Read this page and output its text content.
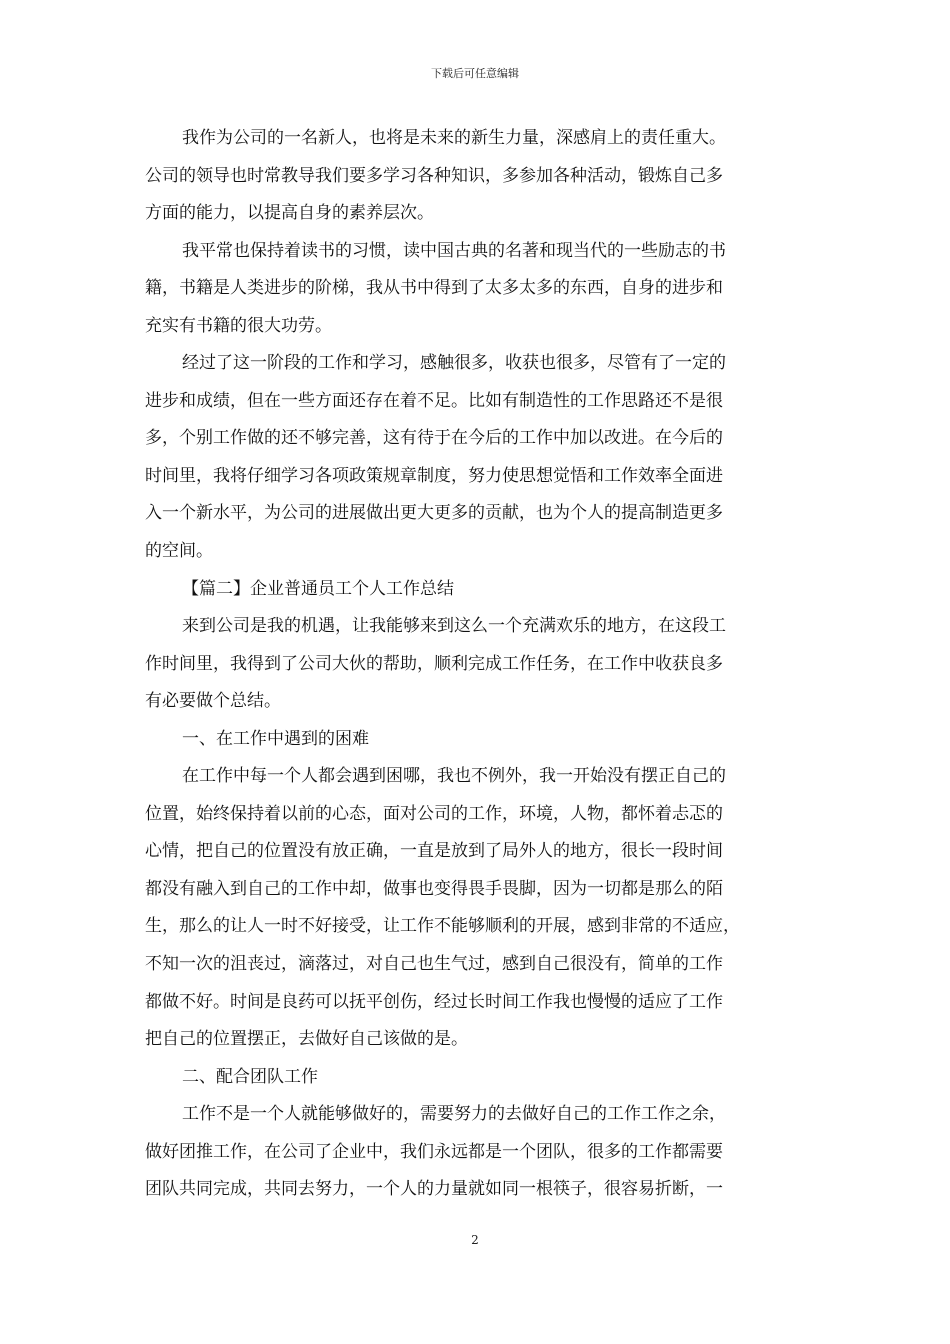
下载后可任意编辑
我作为公司的一名新人，也将是未来的新生力量，深感肩上的责任重大。
公司的领导也时常教导我们要多学习各种知识，多参加各种活动，锻炼自己多
方面的能力，以提高自身的素养层次。
我平常也保持着读书的习惯，读中国古典的名著和现当代的一些励志的书
籍，书籍是人类进步的阶梯，我从书中得到了太多太多的东西，自身的进步和
充实有书籍的很大功劳。
经过了这一阶段的工作和学习，感触很多，收获也很多，尽管有了一定的
进步和成绩，但在一些方面还存在着不足。比如有制造性的工作思路还不是很
多，个别工作做的还不够完善，这有待于在今后的工作中加以改进。在今后的
时间里，我将仔细学习各项政策规章制度，努力使思想觉悟和工作效率全面进
入一个新水平，为公司的进展做出更大更多的贡献，也为个人的提高制造更多
的空间。
【篇二】企业普通员工个人工作总结
来到公司是我的机遇，让我能够来到这么一个充满欢乐的地方，在这段工
作时间里，我得到了公司大伙的帮助，顺利完成工作任务，在工作中收获良多
有必要做个总结。
一、在工作中遇到的困难
在工作中每一个人都会遇到困哪，我也不例外，我一开始没有摆正自己的
位置，始终保持着以前的心态，面对公司的工作，环境，人物，都怀着忐忑的
心情，把自己的位置没有放正确，一直是放到了局外人的地方，很长一段时间
都没有融入到自己的工作中却，做事也变得畏手畏脚，因为一切都是那么的陌
生，那么的让人一时不好接受，让工作不能够顺利的开展，感到非常的不适应，
不知一次的沮丧过，滴落过，对自己也生气过，感到自己很没有，简单的工作
都做不好。时间是良药可以抚平创伤，经过长时间工作我也慢慢的适应了工作
把自己的位置摆正，去做好自己该做的是。
二、配合团队工作
工作不是一个人就能够做好的，需要努力的去做好自己的工作工作之余，
做好团推工作，在公司了企业中，我们永远都是一个团队，很多的工作都需要
团队共同完成，共同去努力，一个人的力量就如同一根筷子，很容易折断，一
2
